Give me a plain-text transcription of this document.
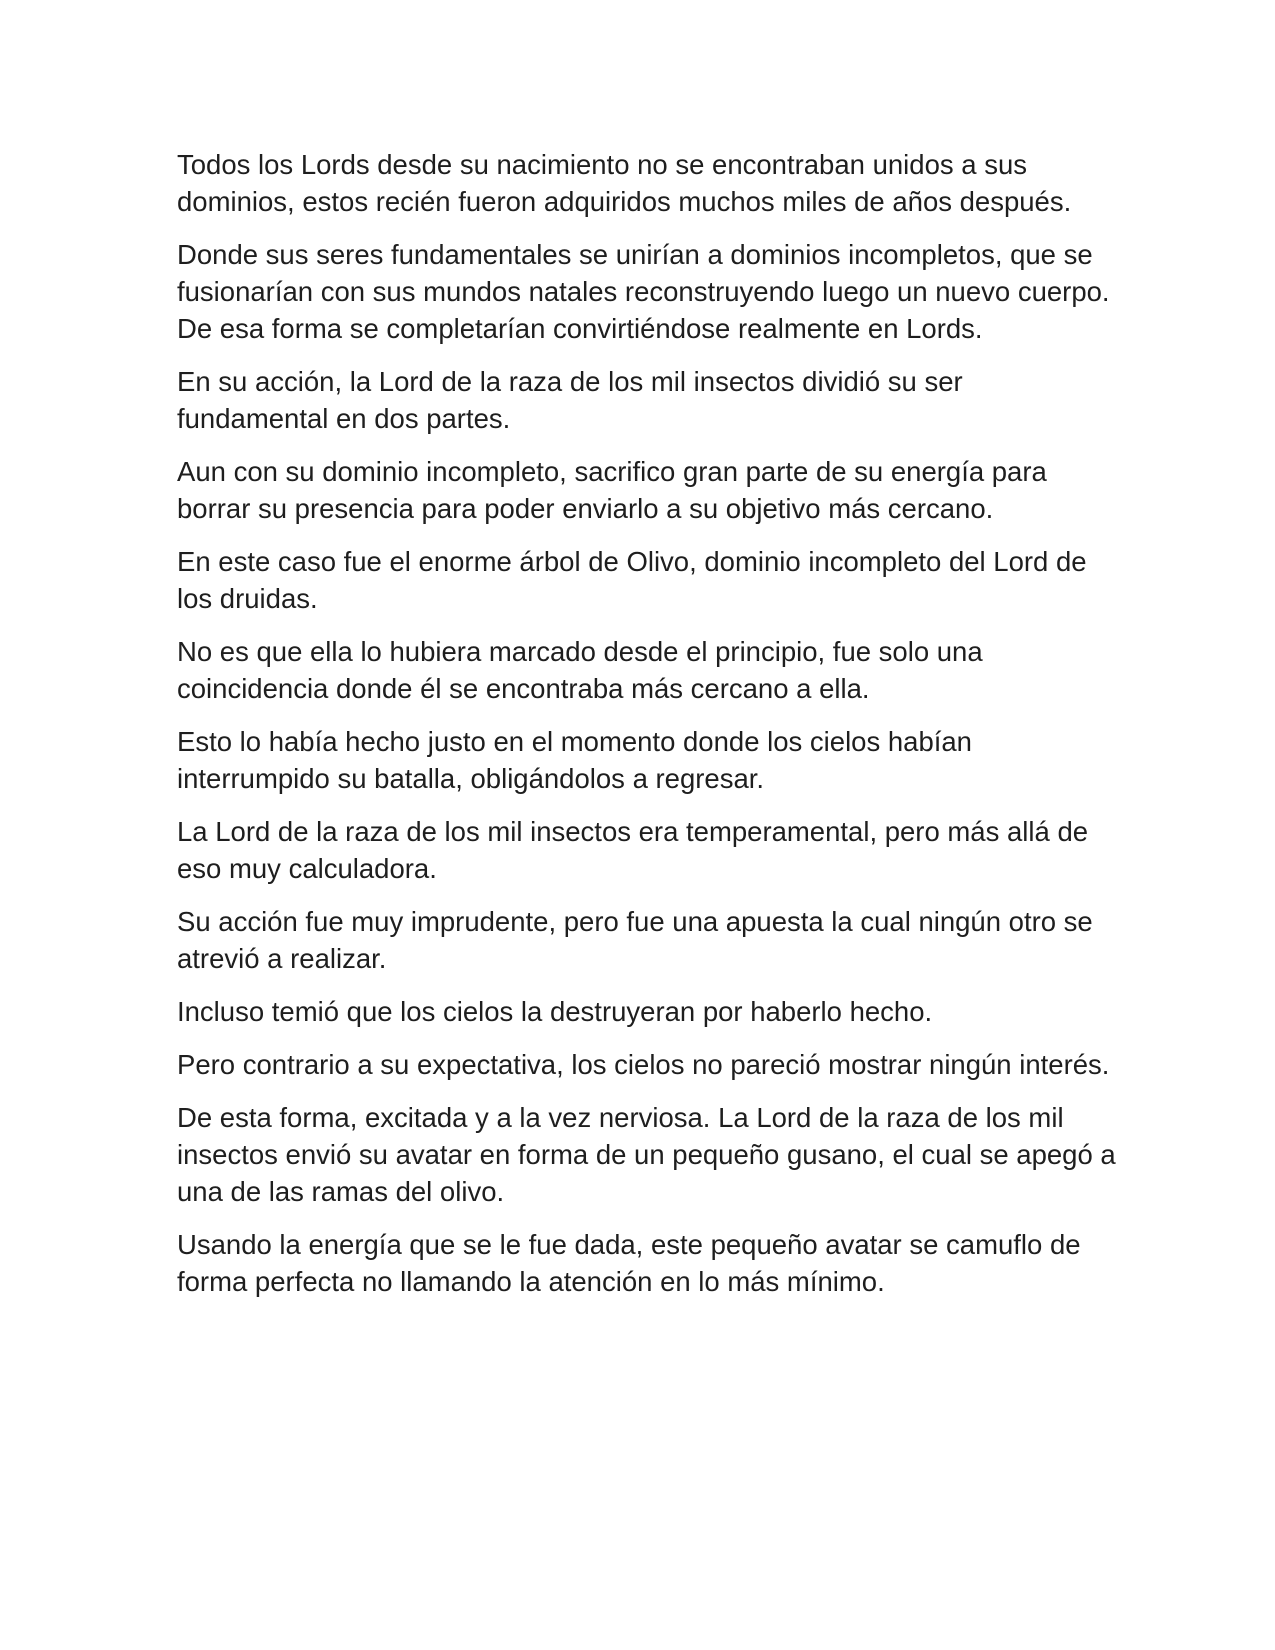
Todos los Lords desde su nacimiento no se encontraban unidos a sus dominios, estos recién fueron adquiridos muchos miles de años después.

Donde sus seres fundamentales se unirían a dominios incompletos, que se fusionarían con sus mundos natales reconstruyendo luego un nuevo cuerpo. De esa forma se completarían convirtiéndose realmente en Lords.

En su acción, la Lord de la raza de los mil insectos dividió su ser fundamental en dos partes.

Aun con su dominio incompleto, sacrifico gran parte de su energía para borrar su presencia para poder enviarlo a su objetivo más cercano.

En este caso fue el enorme árbol de Olivo, dominio incompleto del Lord de los druidas.

No es que ella lo hubiera marcado desde el principio, fue solo una coincidencia donde él se encontraba más cercano a ella.

Esto lo había hecho justo en el momento donde los cielos habían interrumpido su batalla, obligándolos a regresar.

La Lord de la raza de los mil insectos era temperamental, pero más allá de eso muy calculadora.

Su acción fue muy imprudente, pero fue una apuesta la cual ningún otro se atrevió a realizar.

Incluso temió que los cielos la destruyeran por haberlo hecho.

Pero contrario a su expectativa, los cielos no pareció mostrar ningún interés.

De esta forma, excitada y a la vez nerviosa. La Lord de la raza de los mil insectos envió su avatar en forma de un pequeño gusano, el cual se apegó a una de las ramas del olivo.

Usando la energía que se le fue dada, este pequeño avatar se camuflo de forma perfecta no llamando la atención en lo más mínimo.
